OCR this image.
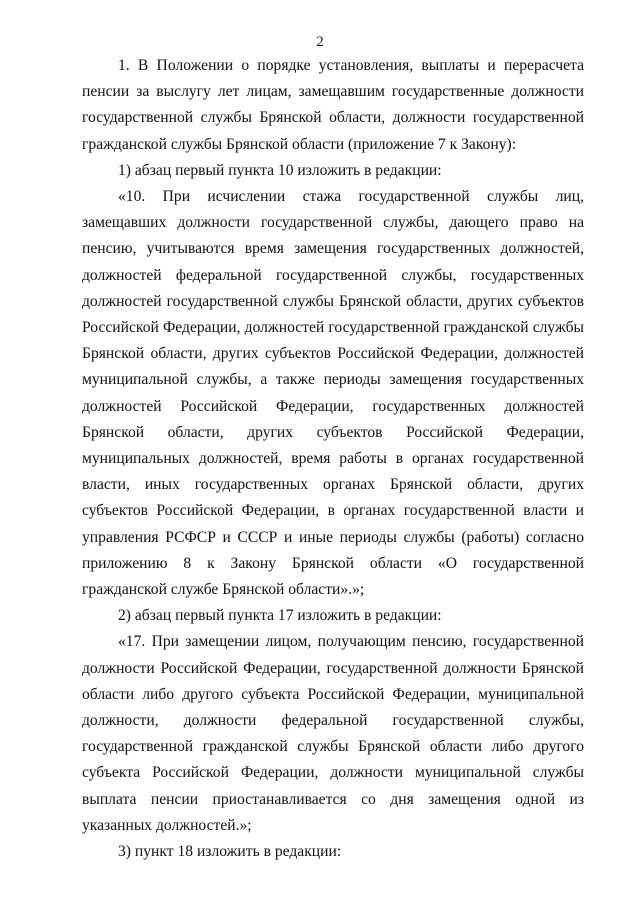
2

1. В Положении о порядке установления, выплаты и перерасчета пенсии за выслугу лет лицам, замещавшим государственные должности государственной службы Брянской области, должности государственной гражданской службы Брянской области (приложение 7 к Закону):

1) абзац первый пункта 10 изложить в редакции:

«10. При исчислении стажа государственной службы лиц, замещавших должности государственной службы, дающего право на пенсию, учитываются время замещения государственных должностей, должностей федеральной государственной службы, государственных должностей государственной службы Брянской области, других субъектов Российской Федерации, должностей государственной гражданской службы Брянской области, других субъектов Российской Федерации, должностей муниципальной службы, а также периоды замещения государственных должностей Российской Федерации, государственных должностей Брянской области, других субъектов Российской Федерации, муниципальных должностей, время работы в органах государственной власти, иных государственных органах Брянской области, других субъектов Российской Федерации, в органах государственной власти и управления РСФСР и СССР и иные периоды службы (работы) согласно приложению 8 к Закону Брянской области «О государственной гражданской службе Брянской области».»;

2) абзац первый пункта 17 изложить в редакции:

«17. При замещении лицом, получающим пенсию, государственной должности Российской Федерации, государственной должности Брянской области либо другого субъекта Российской Федерации, муниципальной должности, должности федеральной государственной службы, государственной гражданской службы Брянской области либо другого субъекта Российской Федерации, должности муниципальной службы выплата пенсии приостанавливается со дня замещения одной из указанных должностей.»;

3) пункт 18 изложить в редакции:
